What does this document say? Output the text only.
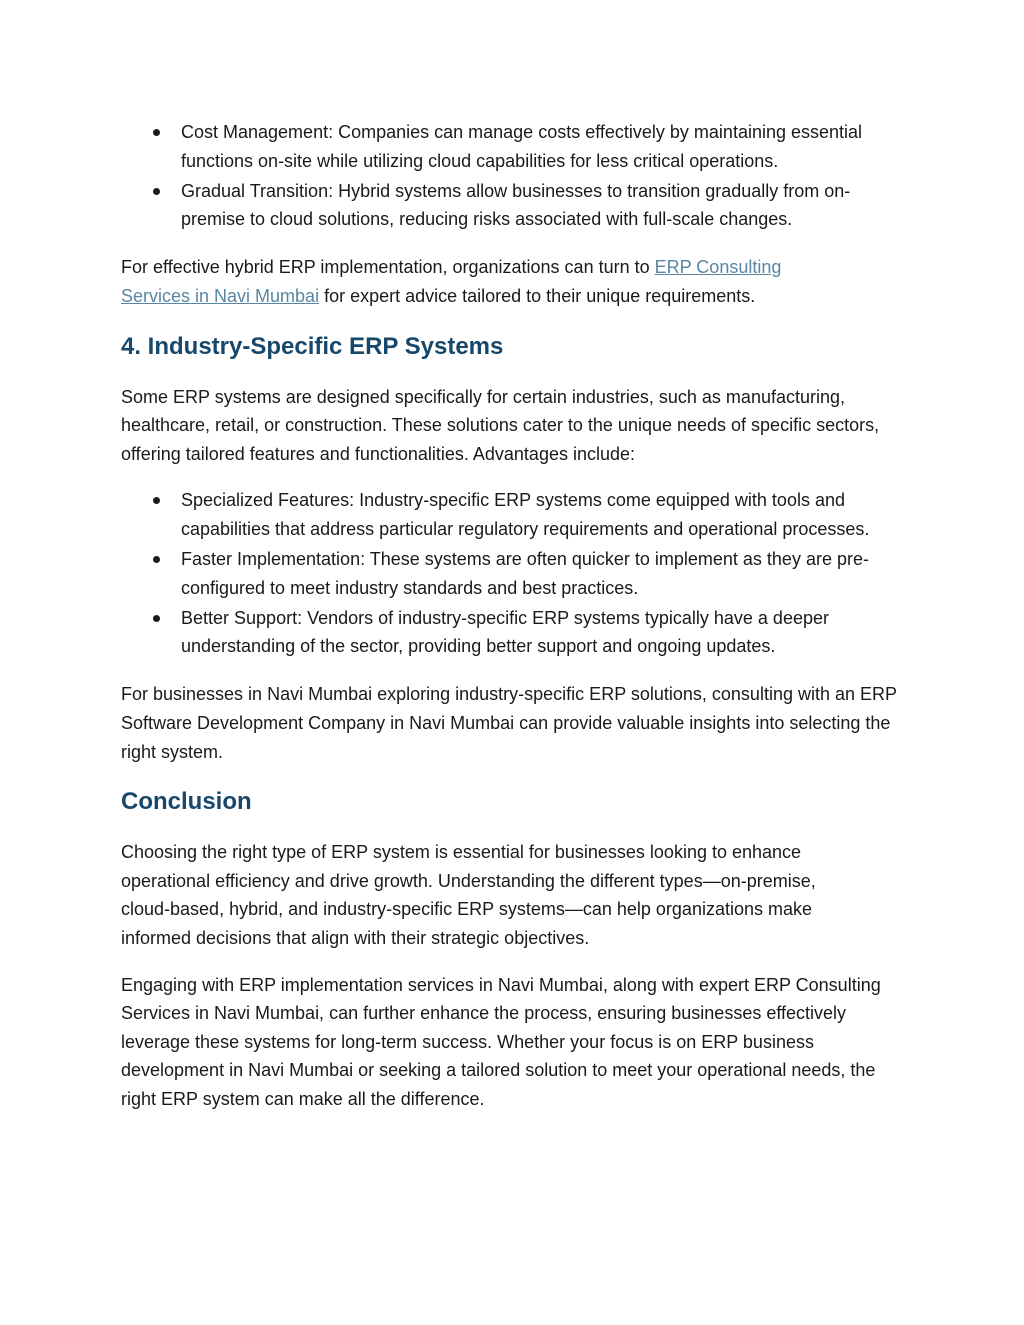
Cost Management: Companies can manage costs effectively by maintaining essential functions on-site while utilizing cloud capabilities for less critical operations.
Gradual Transition: Hybrid systems allow businesses to transition gradually from on-premise to cloud solutions, reducing risks associated with full-scale changes.

For effective hybrid ERP implementation, organizations can turn to ERP Consulting Services in Navi Mumbai for expert advice tailored to their unique requirements.

4. Industry-Specific ERP Systems

Some ERP systems are designed specifically for certain industries, such as manufacturing, healthcare, retail, or construction. These solutions cater to the unique needs of specific sectors, offering tailored features and functionalities. Advantages include:

Specialized Features: Industry-specific ERP systems come equipped with tools and capabilities that address particular regulatory requirements and operational processes.
Faster Implementation: These systems are often quicker to implement as they are pre-configured to meet industry standards and best practices.
Better Support: Vendors of industry-specific ERP systems typically have a deeper understanding of the sector, providing better support and ongoing updates.

For businesses in Navi Mumbai exploring industry-specific ERP solutions, consulting with an ERP Software Development Company in Navi Mumbai can provide valuable insights into selecting the right system.

Conclusion

Choosing the right type of ERP system is essential for businesses looking to enhance operational efficiency and drive growth. Understanding the different types—on-premise, cloud-based, hybrid, and industry-specific ERP systems—can help organizations make informed decisions that align with their strategic objectives.

Engaging with ERP implementation services in Navi Mumbai, along with expert ERP Consulting Services in Navi Mumbai, can further enhance the process, ensuring businesses effectively leverage these systems for long-term success. Whether your focus is on ERP business development in Navi Mumbai or seeking a tailored solution to meet your operational needs, the right ERP system can make all the difference.
